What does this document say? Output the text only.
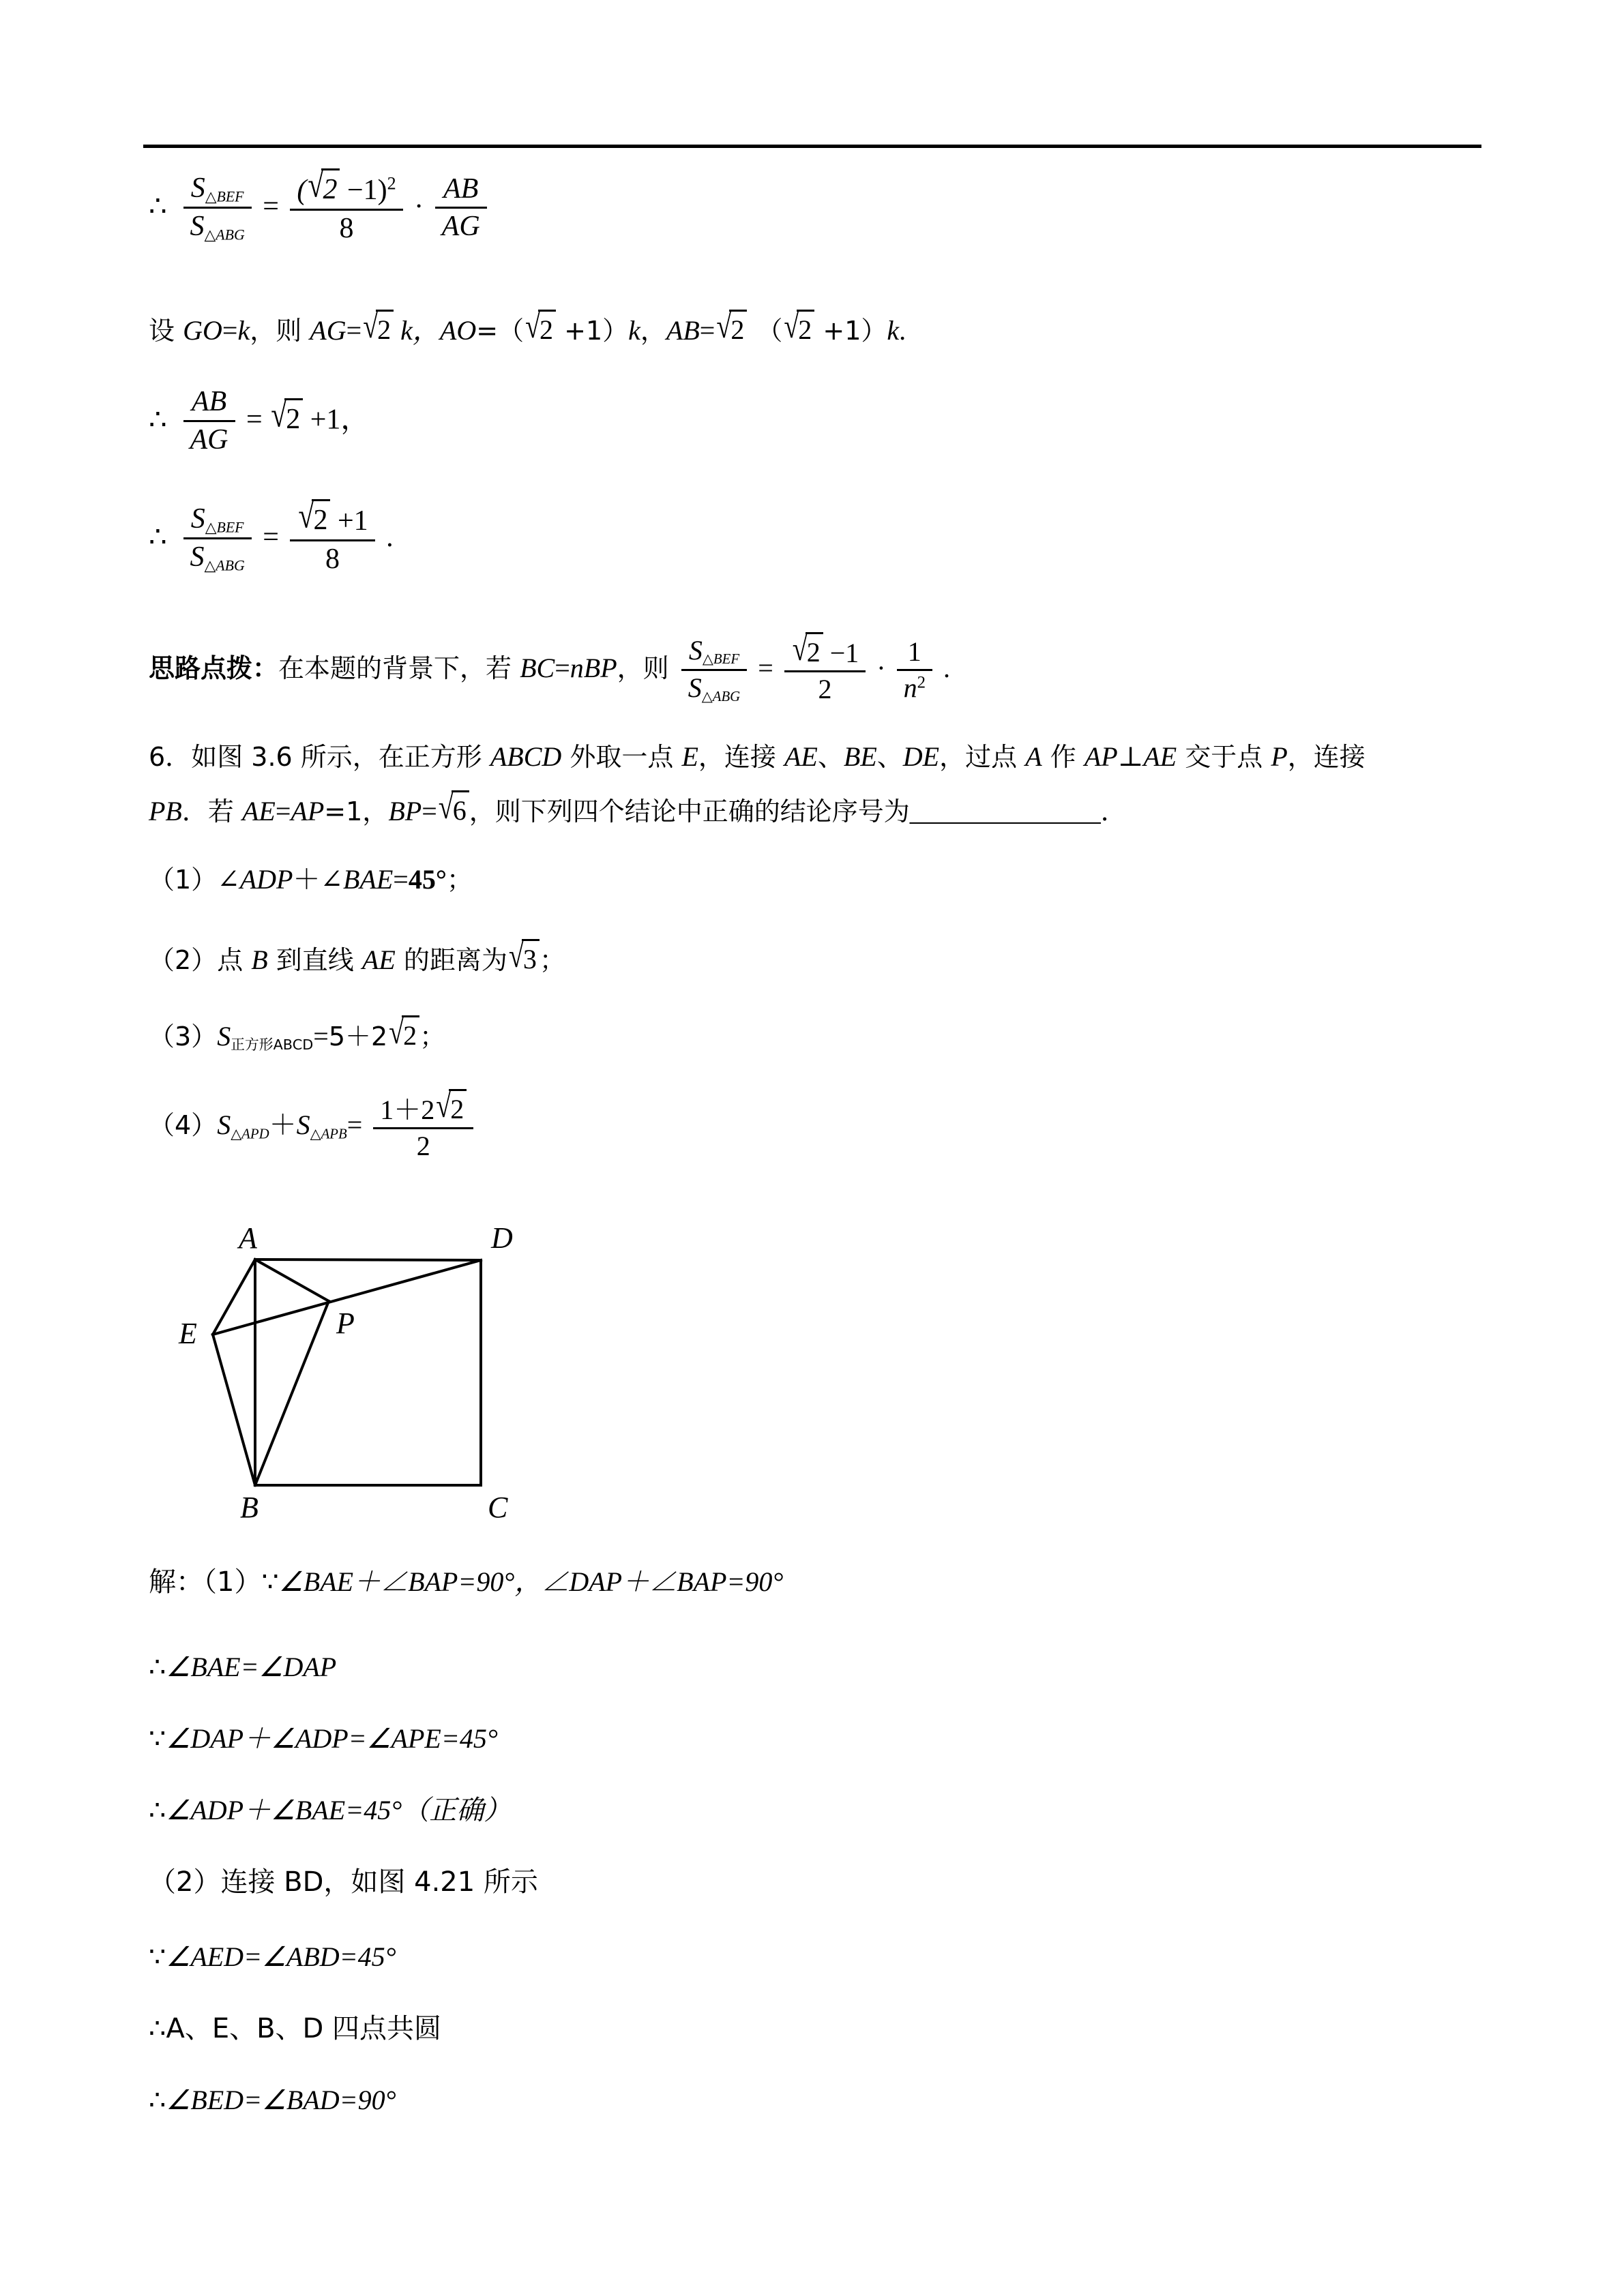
∴ $\frac{\text{S△BEF}}{\text{S△ABG}} = \frac{(√2 -1)^2}{8} \cdot \frac{AB}{AG}$
设 GO=k，则 AG=√2 k，AO=（√2 +1）k，AB=√2 （√2 +1）k.
∴ $\frac{AB}{AG} = √2 +1$，
∴ $\frac{\text{S△BEF}}{\text{S△ABG}} = \frac{√2 +1}{8}$ .
思路点拨：在本题的背景下，若 BC=nBP，则 $\frac{\text{S△BEF}}{\text{S△ABG}} = \frac{√2 -1}{2} \cdot \frac{1}{n^2}$ .
6．如图 3.6 所示，在正方形 ABCD 外取一点 E，连接 AE、BE、DE，过点 A 作 AP⊥AE 交于点 P，连接
PB．若 AE=AP=1，BP=√6 ，则下列四个结论中正确的结论序号为______________．
（1）∠ADP＋∠BAE=45°；
（2）点 B 到直线 AE 的距离为√3 ；
（3）S正方形ABCD=5＋2√2 ；
（4）S△APD＋S△APB= $\frac{1+2√2}{2}$
A	D
E	P
B	C
解：（1）∵∠BAE＋∠BAP=90°，∠DAP＋∠BAP=90°
∴∠BAE=∠DAP
∵∠DAP＋∠ADP=∠APE=45°
∴∠ADP＋∠BAE=45°（正确）
（2）连接 BD，如图 4.21 所示
∵∠AED=∠ABD=45°
∴A、E、B、D 四点共圆
∴∠BED=∠BAD=90°
